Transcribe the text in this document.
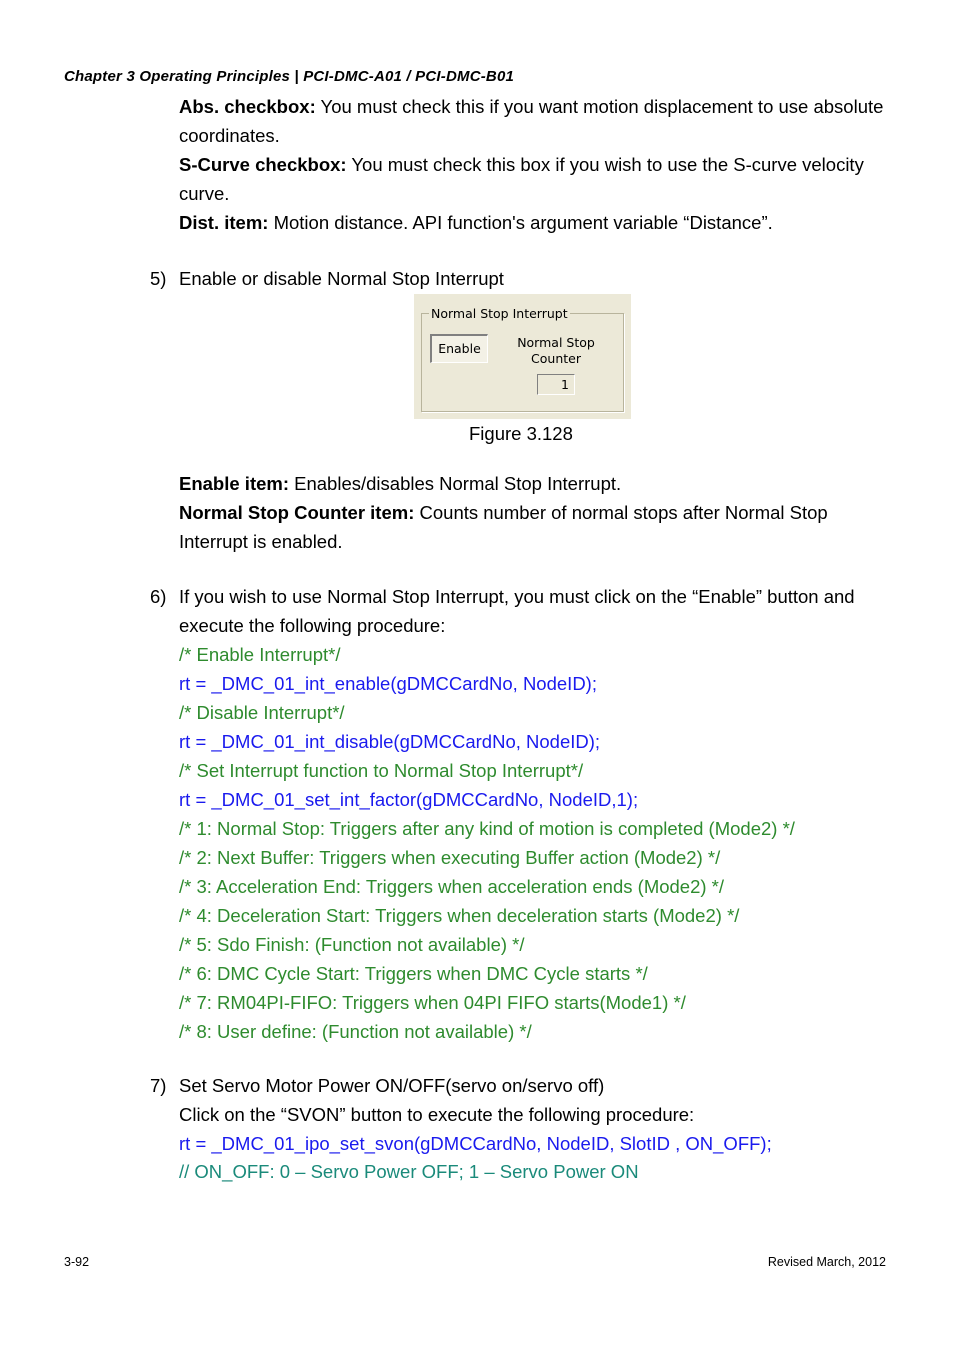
Chapter 3 Operating Principles | PCI-DMC-A01 / PCI-DMC-B01
Abs. checkbox: You must check this if you want motion displacement to use absolute coordinates.
S-Curve checkbox: You must check this box if you wish to use the S-curve velocity curve.
Dist. item: Motion distance. API function's argument variable “Distance”.
5) Enable or disable Normal Stop Interrupt
Normal Stop Interrupt
Enable	Normal Stop
Counter
1
Figure 3.128
Enable item: Enables/disables Normal Stop Interrupt.
Normal Stop Counter item: Counts number of normal stops after Normal Stop Interrupt is enabled.
6) If you wish to use Normal Stop Interrupt, you must click on the “Enable” button and execute the following procedure:
/* Enable Interrupt*/
rt = _DMC_01_int_enable(gDMCCardNo, NodeID);
/* Disable Interrupt*/
rt = _DMC_01_int_disable(gDMCCardNo, NodeID);
/* Set Interrupt function to Normal Stop Interrupt*/
rt = _DMC_01_set_int_factor(gDMCCardNo, NodeID,1);
/* 1: Normal Stop: Triggers after any kind of motion is completed (Mode2) */
/* 2: Next Buffer: Triggers when executing Buffer action (Mode2) */
/* 3: Acceleration End: Triggers when acceleration ends (Mode2) */
/* 4: Deceleration Start: Triggers when deceleration starts (Mode2) */
/* 5: Sdo Finish: (Function not available) */
/* 6: DMC Cycle Start: Triggers when DMC Cycle starts */
/* 7: RM04PI-FIFO: Triggers when 04PI FIFO starts(Mode1) */
/* 8: User define: (Function not available) */
7) Set Servo Motor Power ON/OFF(servo on/servo off)
Click on the “SVON” button to execute the following procedure:
rt = _DMC_01_ipo_set_svon(gDMCCardNo, NodeID, SlotID , ON_OFF);
// ON_OFF: 0 – Servo Power OFF; 1 – Servo Power ON
3-92	Revised March, 2012
